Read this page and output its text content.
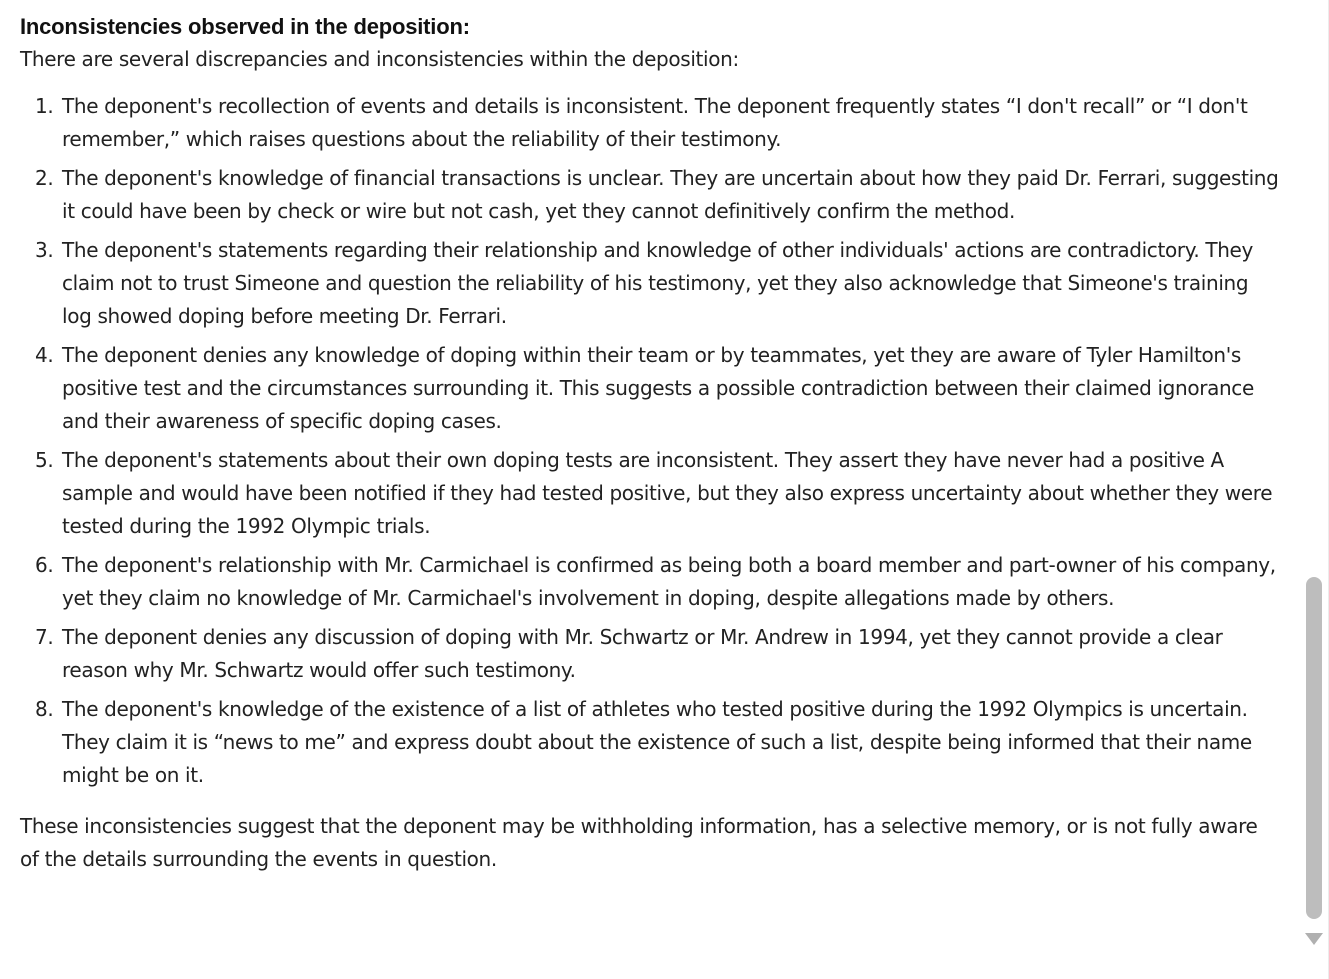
Inconsistencies observed in the deposition:
There are several discrepancies and inconsistencies within the deposition:
1. The deponent's recollection of events and details is inconsistent. The deponent frequently states “I don't recall” or “I don't remember,” which raises questions about the reliability of their testimony.
2. The deponent's knowledge of financial transactions is unclear. They are uncertain about how they paid Dr. Ferrari, suggesting it could have been by check or wire but not cash, yet they cannot definitively confirm the method.
3. The deponent's statements regarding their relationship and knowledge of other individuals' actions are contradictory. They claim not to trust Simeone and question the reliability of his testimony, yet they also acknowledge that Simeone's training log showed doping before meeting Dr. Ferrari.
4. The deponent denies any knowledge of doping within their team or by teammates, yet they are aware of Tyler Hamilton's positive test and the circumstances surrounding it. This suggests a possible contradiction between their claimed ignorance and their awareness of specific doping cases.
5. The deponent's statements about their own doping tests are inconsistent. They assert they have never had a positive A sample and would have been notified if they had tested positive, but they also express uncertainty about whether they were tested during the 1992 Olympic trials.
6. The deponent's relationship with Mr. Carmichael is confirmed as being both a board member and part-owner of his company, yet they claim no knowledge of Mr. Carmichael's involvement in doping, despite allegations made by others.
7. The deponent denies any discussion of doping with Mr. Schwartz or Mr. Andrew in 1994, yet they cannot provide a clear reason why Mr. Schwartz would offer such testimony.
8. The deponent's knowledge of the existence of a list of athletes who tested positive during the 1992 Olympics is uncertain. They claim it is “news to me” and express doubt about the existence of such a list, despite being informed that their name might be on it.
These inconsistencies suggest that the deponent may be withholding information, has a selective memory, or is not fully aware of the details surrounding the events in question.
